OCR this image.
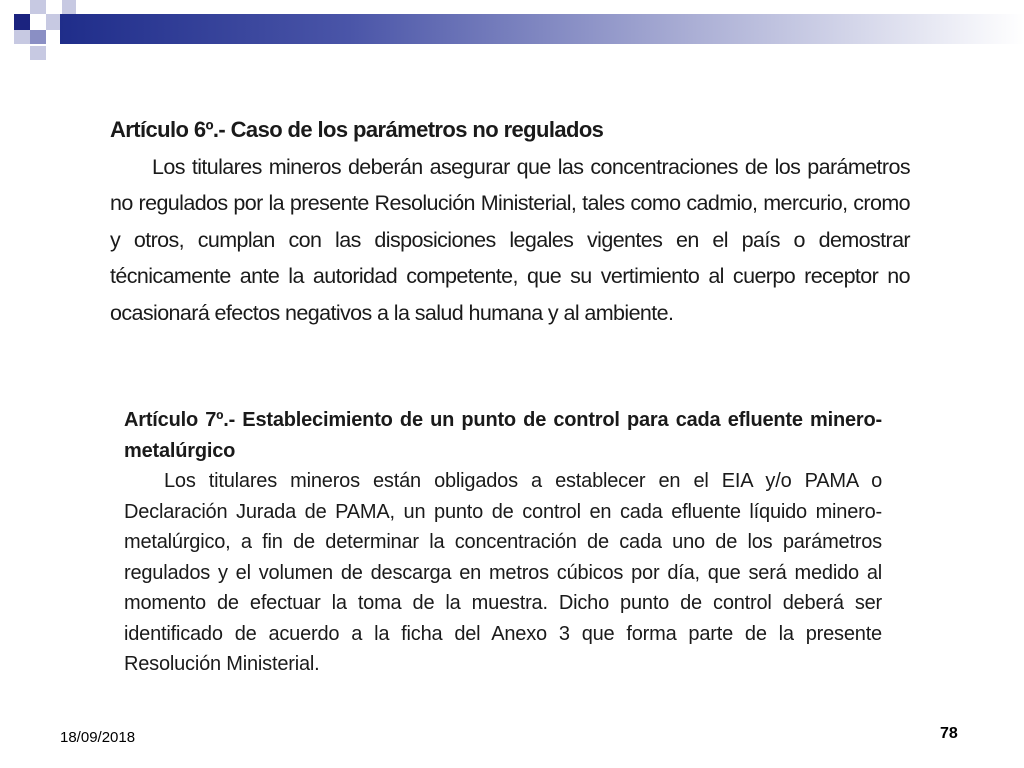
Artículo 6º.- Caso de los parámetros no regulados
Los titulares mineros deberán asegurar que las concentraciones de los parámetros no regulados por la presente Resolución Ministerial, tales como cadmio, mercurio, cromo y otros, cumplan con las disposiciones legales vigentes en el país o demostrar técnicamente ante la autoridad competente, que su vertimiento al cuerpo receptor no ocasionará efectos negativos a la salud humana y al ambiente.
Artículo 7º.- Establecimiento de un punto de control para cada efluente minero-metalúrgico
Los titulares mineros están obligados a establecer en el EIA y/o PAMA o Declaración Jurada de PAMA, un punto de control en cada efluente líquido minero-metalúrgico, a fin de determinar la concentración de cada uno de los parámetros regulados y el volumen de descarga en metros cúbicos por día, que será medido al momento de efectuar la toma de la muestra. Dicho punto de control deberá ser identificado de acuerdo a la ficha del Anexo 3 que forma parte de la presente Resolución Ministerial.
18/09/2018	78
